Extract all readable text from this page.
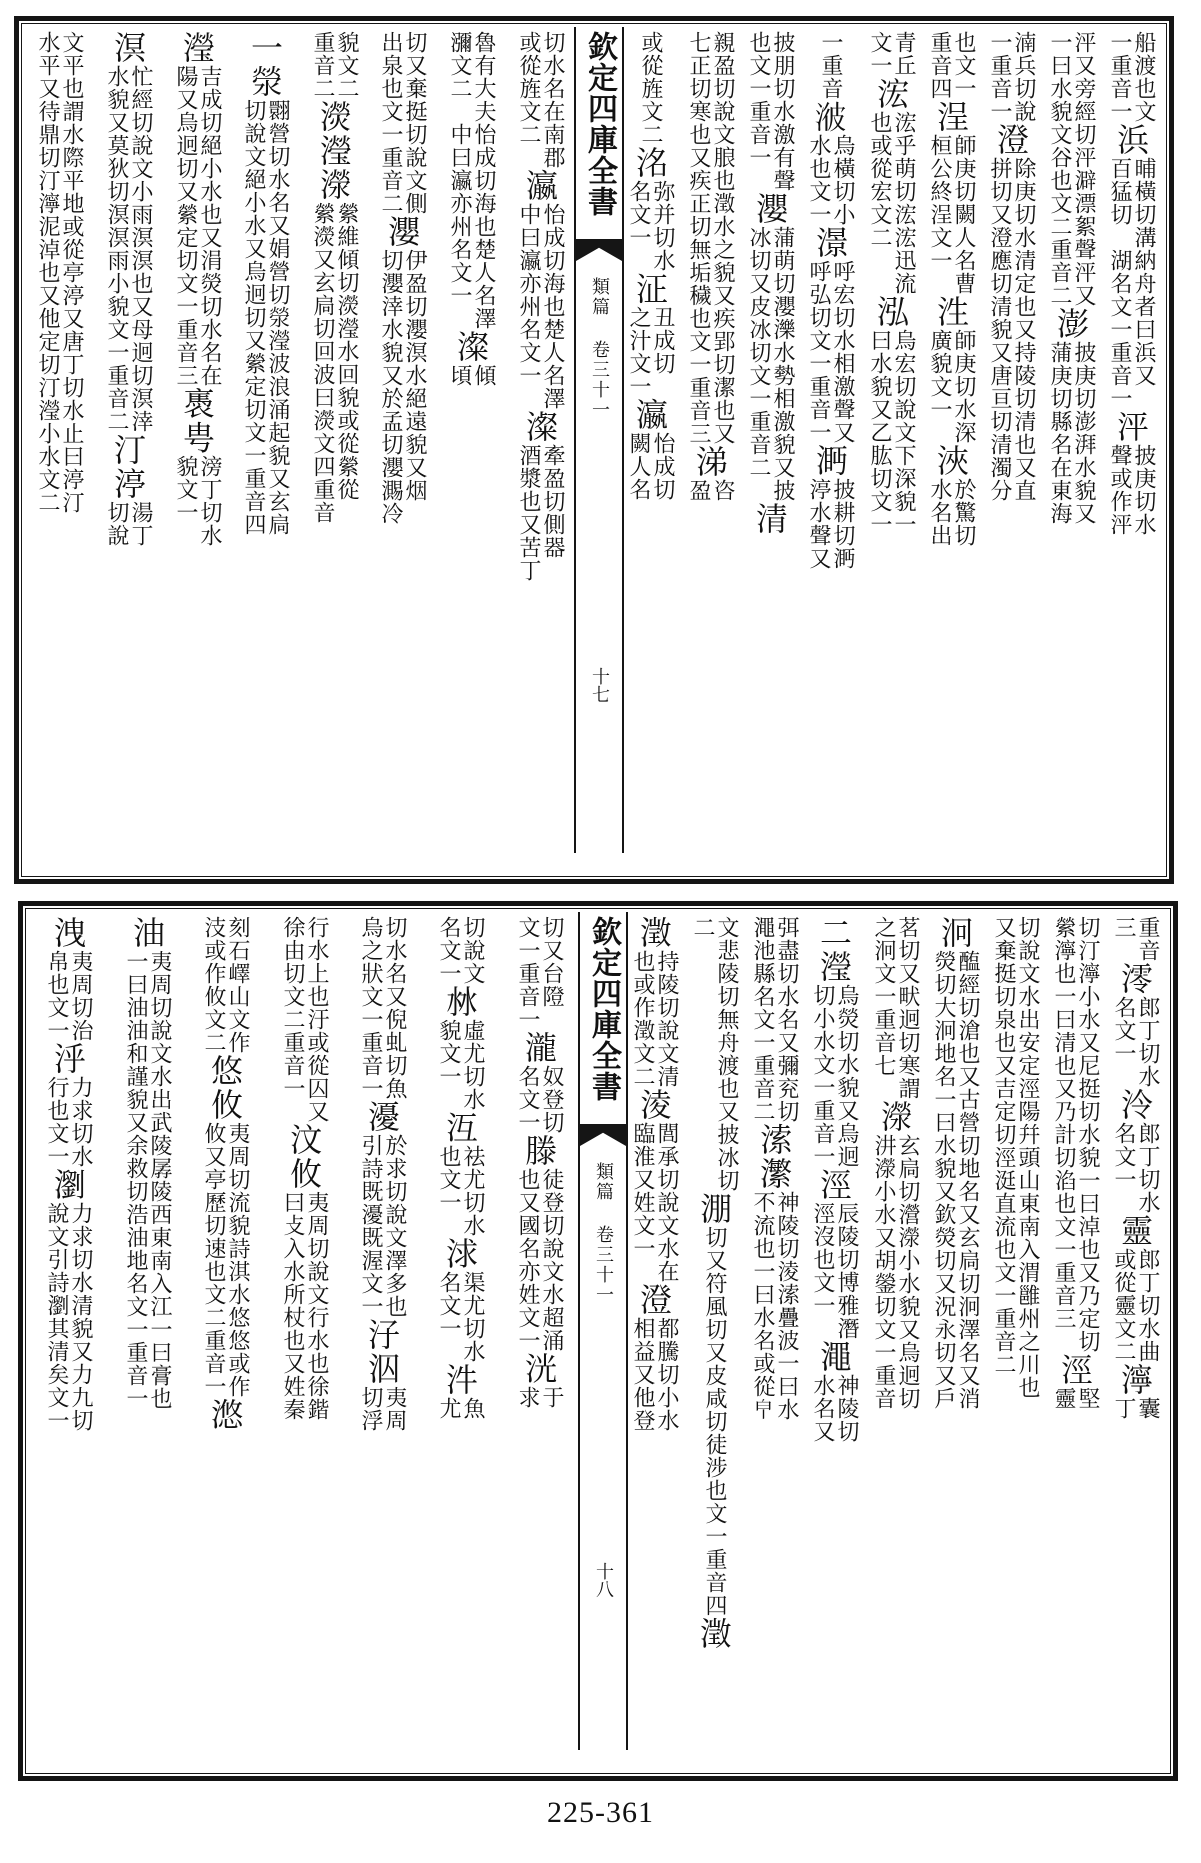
欽定四庫全書
類篇 卷三十一
十七
船渡也文
一重音一
浜
晡橫切溝
百猛切
納舟者曰浜又
湖名文一重音一
泙
披庚切水
聲或作泙
泙又旁經
一曰水貌
切泙澼漂絮聲泙又
文谷也文二重音二
澎
披庚切澎湃水貌又
蒲庚切縣名在東海
湳兵切說
一重音一
澄
除庚切水清定也又持陵切清也又直
拼切又澄應切清貌又唐亘切清濁分
也文一
重音四
浧
師庚切闕人名曹
桓公終浧文一
泩
師庚切水深
廣貌文一
浹
於驚切
水名出
青丘
文一
浤
浤乎萌切浤浤迅流
也或從宏文二
泓
烏宏切說文下深貌一
曰水貌又乙肱切文一
一重音
𣷭
烏橫切小
水也文一
澋
呼宏切水相激聲又
呼弘切文一重音一
㴐
披耕切㴐
渟水聲又
披朋切水激有聲
也文一重音一
瀴
蒲萌切瀴濼水勢相激貌又披
冰切又皮冰切文一重音二
清
親盈切說文朖也澂水之貌又疾郢切潔也又
七正切寒也又疾正切無垢穢也文一重音三
涕
咨
盈
或從旌文二
洺
弥并切水
名文一
泟
丑成切
之汁文一
瀛
怡成切
闕人名
切水名在南郡
或從旌文二
瀛
怡成切海也楚人名澤
中曰瀛亦州名文一
澯
牽盈切側器
酒漿也又苦丁
魯有大夫
瀰文二
怡成切海也楚人名澤
中曰瀛亦州名文一
澯
傾
頃
切又棄挺切說文側
出泉也文一重音二
瀴
伊盈切瀴溟水絕遠貌又烟
切瀴涬水貌又於孟切瀴瀃冷
貌文二
重音二
濙
瀅
濴
縈維傾切濙瀅水回貌或從縈從
縈濙又玄扃切回波曰濙文四重音
一
滎
翾營切水名又娟營切滎瀅波浪涌起貌又玄扃
切說文絕小水又烏迥切又縈定切文一重音四
瀅
吉成切絕小水也又涓熒切水名在
陽又烏迥切又縈定切文一重音三
褭
甹
滂丁切水
貌文一
溟
忙經切說文小雨溟溟也又母迥切溟涬
水貌又莫狄切溟溟雨小貌文一重音二
汀
渟
湯丁
切說
文平也謂水際平地或從亭渟又唐丁切水止曰渟汀
水平又待鼎切汀濘泥淖也又他定切汀瀅小水文二
欽定四庫全書
類篇 卷三十一
十八
重音
三
澪
郎丁切水
名文一
泠
郎丁切水
名文一
靈
郎丁切水曲
或從靈文二
濘
囊
丁
切汀濘小水又尼挺切水貌一曰淖也又乃定切
縈濘也一曰清也又乃計切淊也文一重音三
涇
堅
靈
切說文水出安定涇陽幷頭山東南入渭雝州之川也
又棄挺切泉也又吉定切涇涏直流也文一重音二
泂
醢經切滄也又古營切地名又玄扃切泂澤名又消
熒切大泂地名一曰水貌又欽熒切又況永切又戶
茗切又畎迥切寒謂
之泂文一重音七
濴
玄扃切瀯濴小水貌又烏迥切
汫濴小水又胡鎣切文一重音
二
瀅
烏熒切水貌又烏迥
切小水文一重音一
涇
辰陵切博雅潛
涇沒也文一
澠
神陵切
水名又
弭盡切水名又彌兖切
澠池縣名文一重音二
溹
瀿
神陵切淩溹疊波一曰水
不流也一曰水名或從𤼽
文悲陵切無舟渡也又披冰切
二
淜
切又符風切又皮咸切徒涉也文一重音四
澂
澂
持陵切說文清
也或作澂文二
淩
閭承切說文水在
臨淮又姓文一
澄
都騰切小水
相益又他登
切又台隥
文一重音一
瀧
奴登切
名文一
滕
徒登切說文水超涌
也又國名亦姓文一
洸
于
求
切說文
名文一
沝
虛尤切水
貌文一
沍
祛尤切水
也文一
浗
渠尤切水
名文一
汼
魚
尤
切水名又倪虬切魚
烏之狀文一重音一
瀀
於求切說文澤多也
引詩既瀀既渥文一
汓
泅
夷周
切浮
行水上也汙或從囚又
徐由切文二重音一
汶
攸
夷周切說文行水也徐鍇
曰攴入水所杖也又姓秦
刻石嶧山文作
汥或作攸文二
悠
攸
夷周切流貌詩淇水悠悠或作
攸又亭歷切速也文二重音一
滺
油
夷周切說文水出武陵孱陵西東南入江一曰膏也
一曰油油和謹貌又余救切浩油地名文一重音一
洩
夷周切治
帛也文一
泘
力求切水
行也文一
瀏
力求切水清貌又力九切
說文引詩瀏其清矣文一
225-361
